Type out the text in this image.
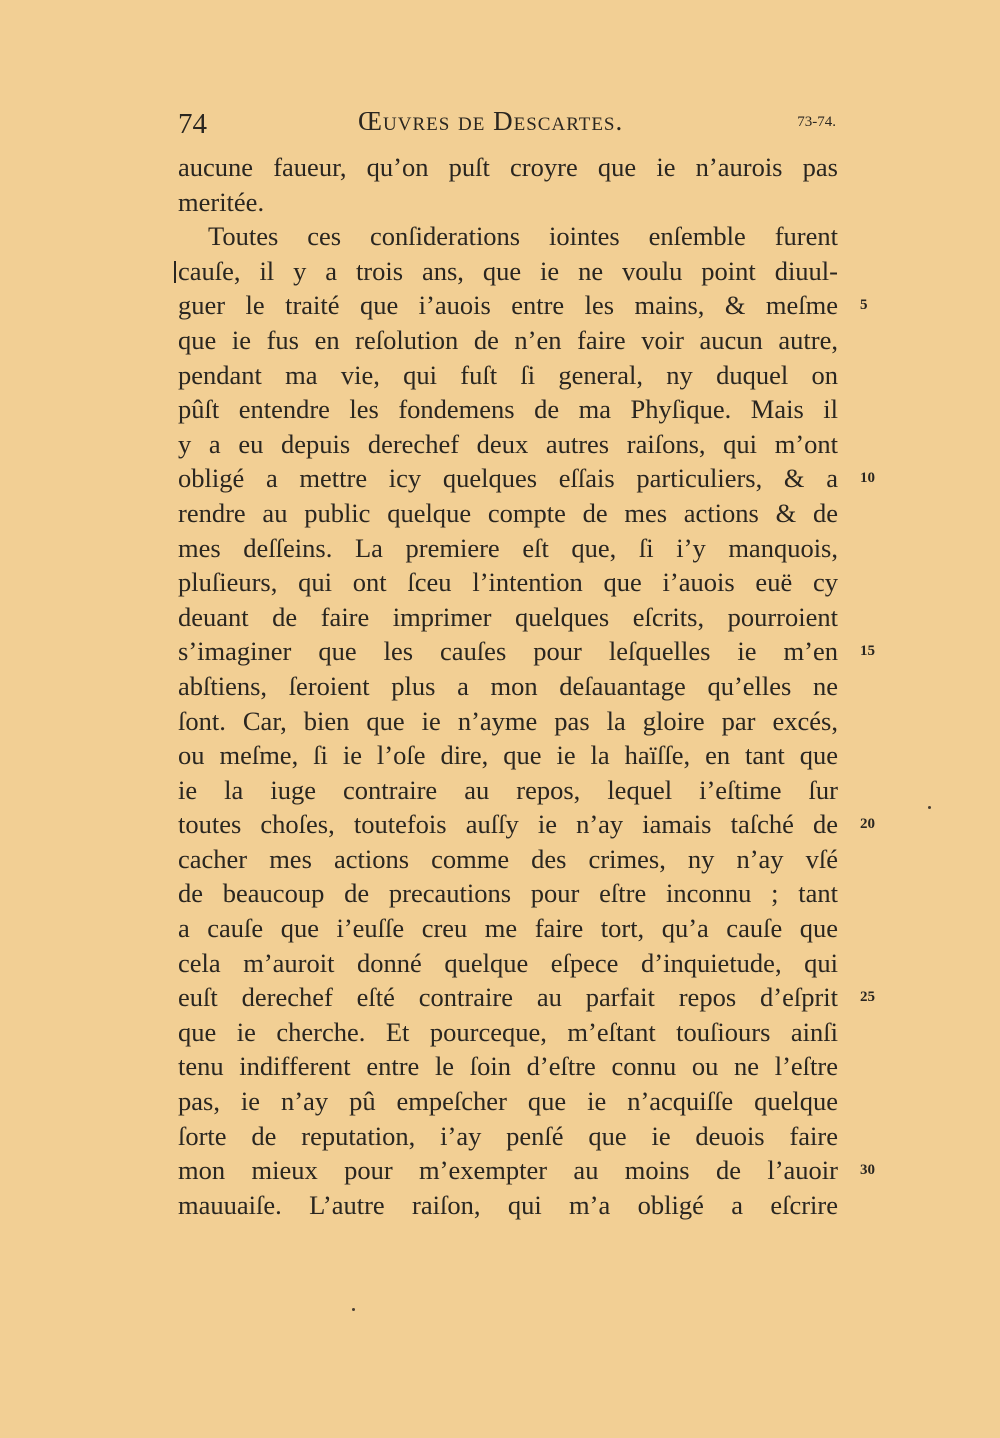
74	Œuvres de Descartes.	73-74.
aucune faueur, qu’on puſt croyre que ie n’aurois pas
meritée.
Toutes ces conſiderations iointes enſemble furent
cauſe, il y a trois ans, que ie ne voulu point diuul-
guer le traité que i’auois entre les mains, & meſme 5
que ie fus en reſolution de n’en faire voir aucun autre,
pendant ma vie, qui fuſt ſi general, ny duquel on
pûſt entendre les fondemens de ma Phyſique. Mais il
y a eu depuis derechef deux autres raiſons, qui m’ont
obligé a mettre icy quelques eſſais particuliers, & a 10
rendre au public quelque compte de mes actions & de
mes deſſeins. La premiere eſt que, ſi i’y manquois,
pluſieurs, qui ont ſceu l’intention que i’auois euë cy
deuant de faire imprimer quelques eſcrits, pourroient
s’imaginer que les cauſes pour leſquelles ie m’en 15
abſtiens, ſeroient plus a mon deſauantage qu’elles ne
ſont. Car, bien que ie n’ayme pas la gloire par excés,
ou meſme, ſi ie l’oſe dire, que ie la haïſſe, en tant que
ie la iuge contraire au repos, lequel i’eſtime ſur
toutes choſes, toutefois auſſy ie n’ay iamais taſché de 20
cacher mes actions comme des crimes, ny n’ay vſé
de beaucoup de precautions pour eſtre inconnu ; tant
a cauſe que i’euſſe creu me faire tort, qu’a cauſe que
cela m’auroit donné quelque eſpece d’inquietude, qui
euſt derechef eſté contraire au parfait repos d’eſprit 25
que ie cherche. Et pourceque, m’eſtant touſiours ainſi
tenu indifferent entre le ſoin d’eſtre connu ou ne l’eſtre
pas, ie n’ay pû empeſcher que ie n’acquiſſe quelque
ſorte de reputation, i’ay penſé que ie deuois faire
mon mieux pour m’exempter au moins de l’auoir 30
mauuaiſe. L’autre raiſon, qui m’a obligé a eſcrire
